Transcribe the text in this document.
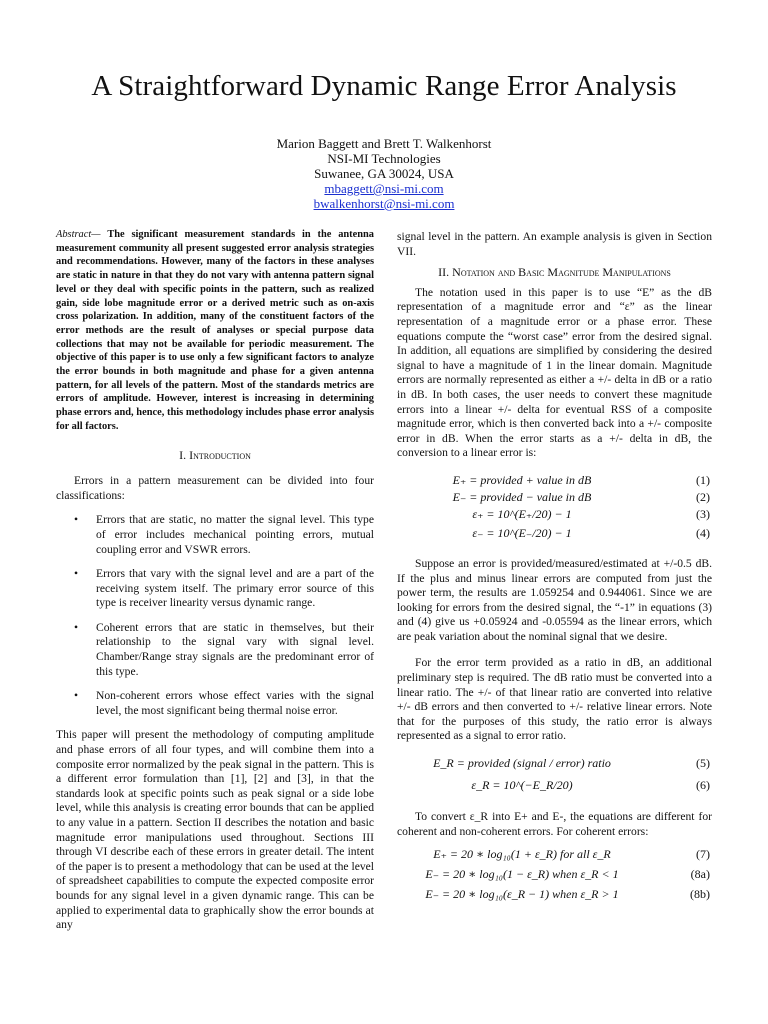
A Straightforward Dynamic Range Error Analysis
Marion Baggett and Brett T. Walkenhorst
NSI-MI Technologies
Suwanee, GA 30024, USA
mbaggett@nsi-mi.com
bwalkenhorst@nsi-mi.com

Abstract— The significant measurement standards in the antenna measurement community all present suggested error analysis strategies and recommendations. However, many of the factors in these analyses are static in nature in that they do not vary with antenna pattern signal level or they deal with specific points in the pattern, such as realized gain, side lobe magnitude error or a derived metric such as on-axis cross polarization. In addition, many of the constituent factors of the error methods are the result of analyses or special purpose data collections that may not be available for periodic measurement. The objective of this paper is to use only a few significant factors to analyze the error bounds in both magnitude and phase for a given antenna pattern, for all levels of the pattern. Most of the standards metrics are errors of amplitude. However, interest is increasing in determining phase errors and, hence, this methodology includes phase error analysis for all factors.

I. Introduction

Errors in a pattern measurement can be divided into four classifications:

• Errors that are static, no matter the signal level. This type of error includes mechanical pointing errors, mutual coupling error and VSWR errors.
• Errors that vary with the signal level and are a part of the receiving system itself. The primary error source of this type is receiver linearity versus dynamic range.
• Coherent errors that are static in themselves, but their relationship to the signal vary with signal level. Chamber/Range stray signals are the predominant error of this type.
• Non-coherent errors whose effect varies with the signal level, the most significant being thermal noise error.

This paper will present the methodology of computing amplitude and phase errors of all four types, and will combine them into a composite error normalized by the peak signal in the pattern. This is a different error formulation than [1], [2] and [3], in that the standards look at specific points such as peak signal or a side lobe level, while this analysis is creating error bounds that can be applied to any value in a pattern. Section II describes the notation and basic magnitude error manipulations used throughout. Sections III through VI describe each of these errors in greater detail. The intent of the paper is to present a methodology that can be used at the level of spreadsheet capabilities to compute the expected composite error bounds for any signal level in a given dynamic range. This can be applied to experimental data to graphically show the error bounds at any

signal level in the pattern. An example analysis is given in Section VII.

II. Notation and Basic Magnitude Manipulations

The notation used in this paper is to use “E” as the dB representation of a magnitude error and “ε” as the linear representation of a magnitude error or a phase error. These equations compute the “worst case” error from the desired signal. In addition, all equations are simplified by considering the desired signal to have a magnitude of 1 in the linear domain. Magnitude errors are normally represented as either a +/- delta in dB or a ratio in dB. In both cases, the user needs to convert these magnitude errors into a linear +/- delta for eventual RSS of a composite magnitude error, which is then converted back into a +/- composite error in dB. When the error starts as a +/- delta in dB, the conversion to a linear error is:

E₊ = provided + value in dB	(1)
E₋ = provided − value in dB	(2)
ε₊ = 10^(E₊/20) − 1	(3)
ε₋ = 10^(E₋/20) − 1	(4)

Suppose an error is provided/measured/estimated at +/-0.5 dB. If the plus and minus linear errors are computed from just the power term, the results are 1.059254 and 0.944061. Since we are looking for errors from the desired signal, the “-1” in equations (3) and (4) give us +0.05924 and -0.05594 as the linear errors, which are peak variation about the nominal signal that we desire.

For the error term provided as a ratio in dB, an additional preliminary step is required. The dB ratio must be converted into a linear ratio. The +/- of that linear ratio are converted into relative +/- dB errors and then converted to +/- relative linear errors. Note that for the purposes of this study, the ratio error is always represented as a signal to error ratio.

E_R = provided (signal / error) ratio	(5)
ε_R = 10^(−E_R/20)	(6)

To convert ε_R into E+ and E-, the equations are different for coherent and non-coherent errors. For coherent errors:

E₊ = 20 ∗ log₁₀(1 + ε_R) for all ε_R	(7)
E₋ = 20 ∗ log₁₀(1 − ε_R) when ε_R < 1	(8a)
E₋ = 20 ∗ log₁₀(ε_R − 1) when ε_R > 1	(8b)
